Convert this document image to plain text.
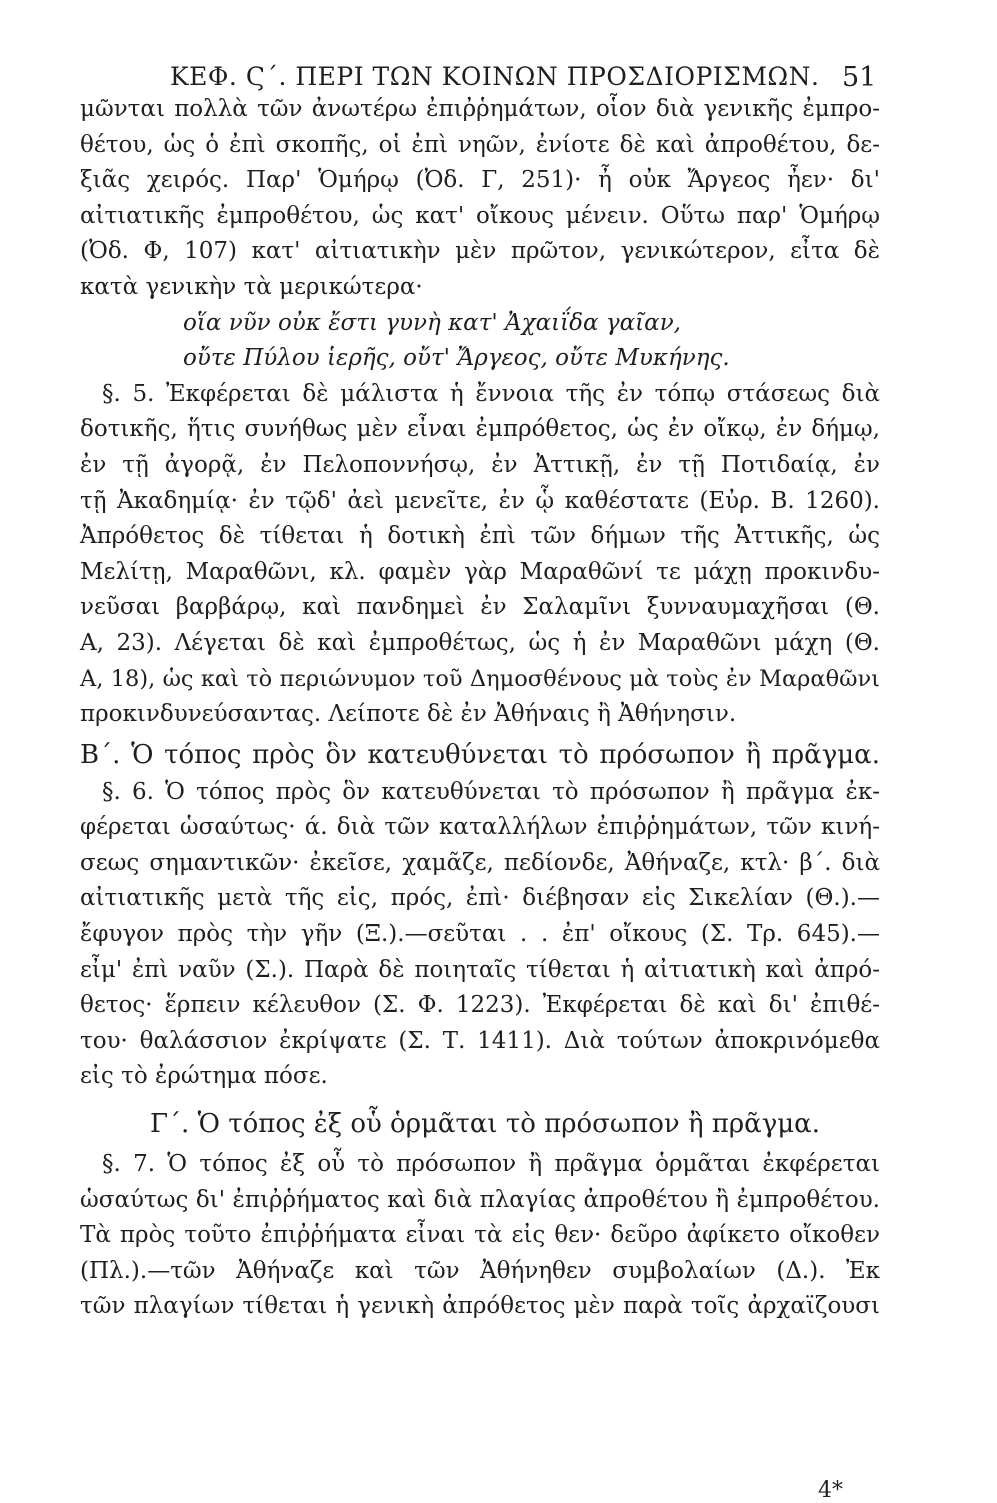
ΚΕΦ. Ϛ΄. ΠΕΡΙ ΤΩΝ ΚΟΙΝΩΝ ΠΡΟΣΔΙΟΡΙΣΜΩΝ. 51
μῶνται πολλὰ τῶν ἀνωτέρω ἐπιῤῥημάτων, οἷον διὰ γενικῆς ἐμπρο-
θέτου, ὡς ὁ ἐπὶ σκοπῆς, οἱ ἐπὶ νηῶν, ἐνίοτε δὲ καὶ ἀπροθέτου, δε-
ξιᾶς χειρός. Παρ' Ὁμήρῳ (Ὀδ. Γ, 251)· ἦ οὐκ Ἄργεος ἦεν· δι'
αἰτιατικῆς ἐμπροθέτου, ὡς κατ' οἴκους μένειν. Οὕτω παρ' Ὁμήρῳ
(Ὀδ. Φ, 107) κατ' αἰτιατικὴν μὲν πρῶτον, γενικώτερον, εἶτα δὲ
κατὰ γενικὴν τὰ μερικώτερα·
οἵα νῦν οὐκ ἔστι γυνὴ κατ' Ἀχαιΐδα γαῖαν,
οὔτε Πύλου ἱερῆς, οὔτ' Ἄργεος, οὔτε Μυκήνης.
§. 5. Ἐκφέρεται δὲ μάλιστα ἡ ἔννοια τῆς ἐν τόπῳ στάσεως διὰ
δοτικῆς, ἥτις συνήθως μὲν εἶναι ἐμπρόθετος, ὡς ἐν οἴκῳ, ἐν δήμῳ,
ἐν τῇ ἀγορᾷ, ἐν Πελοποννήσῳ, ἐν Ἀττικῇ, ἐν τῇ Ποτιδαίᾳ, ἐν
τῇ Ἀκαδημίᾳ· ἐν τῷδ' ἀεὶ μενεῖτε, ἐν ᾧ καθέστατε (Εὐρ. Β. 1260).
Ἀπρόθετος δὲ τίθεται ἡ δοτικὴ ἐπὶ τῶν δήμων τῆς Ἀττικῆς, ὡς
Μελίτῃ, Μαραθῶνι, κλ. φαμὲν γὰρ Μαραθῶνί τε μάχῃ προκινδυ-
νεῦσαι βαρβάρῳ, καὶ πανδημεὶ ἐν Σαλαμῖνι ξυνναυμαχῆσαι (Θ.
Α, 23). Λέγεται δὲ καὶ ἐμπροθέτως, ὡς ἡ ἐν Μαραθῶνι μάχη (Θ.
Α, 18), ὡς καὶ τὸ περιώνυμον τοῦ Δημοσθένους μὰ τοὺς ἐν Μαραθῶνι
προκινδυνεύσαντας. Λείποτε δὲ ἐν Ἀθήναις ἢ Ἀθήνησιν.
Β΄. Ὁ τόπος πρὸς ὃν κατευθύνεται τὸ πρόσωπον ἢ πρᾶγμα.
§. 6. Ὁ τόπος πρὸς ὃν κατευθύνεται τὸ πρόσωπον ἢ πρᾶγμα ἐκ-
φέρεται ὡσαύτως· ά. διὰ τῶν καταλλήλων ἐπιῤῥημάτων, τῶν κινή-
σεως σημαντικῶν· ἐκεῖσε, χαμᾶζε, πεδίονδε, Ἀθήναζε, κτλ· β΄. διὰ
αἰτιατικῆς μετὰ τῆς εἰς, πρός, ἐπὶ· διέβησαν εἰς Σικελίαν (Θ.).—
ἔφυγον πρὸς τὴν γῆν (Ξ.).—σεῦται . . ἐπ' οἴκους (Σ. Τρ. 645).—
εἶμ' ἐπὶ ναῦν (Σ.). Παρὰ δὲ ποιηταῖς τίθεται ἡ αἰτιατικὴ καὶ ἀπρό-
θετος· ἕρπειν κέλευθον (Σ. Φ. 1223). Ἐκφέρεται δὲ καὶ δι' ἐπιθέ-
του· θαλάσσιον ἐκρίψατε (Σ. Τ. 1411). Διὰ τούτων ἀποκρινόμεθα
εἰς τὸ ἐρώτημα πόσε.
Γ΄. Ὁ τόπος ἐξ οὗ ὁρμᾶται τὸ πρόσωπον ἢ πρᾶγμα.
§. 7. Ὁ τόπος ἐξ οὗ τὸ πρόσωπον ἢ πρᾶγμα ὁρμᾶται ἐκφέρεται
ὡσαύτως δι' ἐπιῤῥήματος καὶ διὰ πλαγίας ἀπροθέτου ἢ ἐμπροθέτου.
Τὰ πρὸς τοῦτο ἐπιῤῥήματα εἶναι τὰ εἰς θεν· δεῦρο ἀφίκετο οἴκοθεν
(Πλ.).—τῶν Ἀθήναζε καὶ τῶν Ἀθήνηθεν συμβολαίων (Δ.). Ἐκ
τῶν πλαγίων τίθεται ἡ γενικὴ ἀπρόθετος μὲν παρὰ τοῖς ἀρχαϊζουσι
4*
